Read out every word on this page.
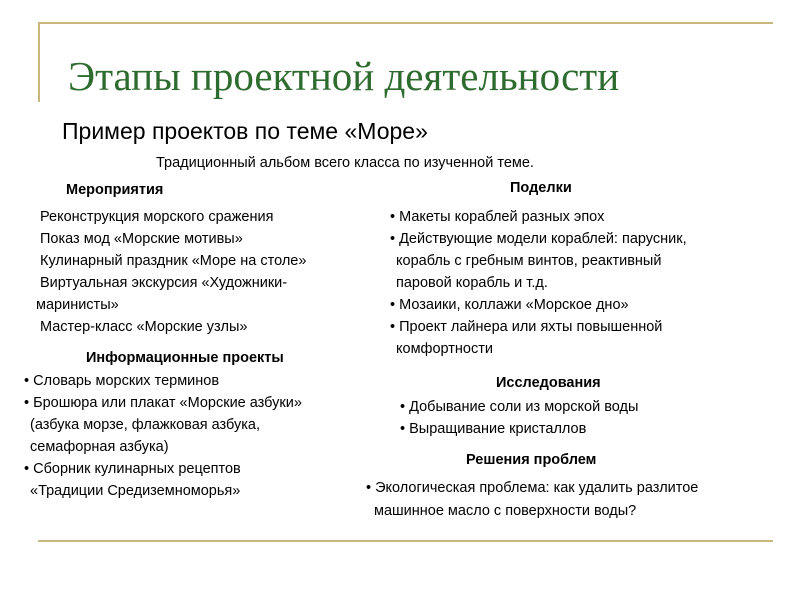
Этапы проектной деятельности
Пример проектов по теме «Море»
Традиционный альбом всего класса по изученной теме.
Мероприятия
Реконструкция морского сражения
Показ мод «Морские мотивы»
Кулинарный праздник «Море на столе»
Виртуальная экскурсия «Художники-
маринисты»
Мастер-класс «Морские узлы»
Поделки
• Макеты кораблей разных эпох
• Действующие модели кораблей: парусник,
корабль с гребным винтов, реактивный
паровой корабль и т.д.
• Мозаики, коллажи «Морское дно»
• Проект лайнера или яхты повышенной
комфортности
Информационные проекты
• Словарь морских терминов
• Брошюра или плакат «Морские азбуки»
(азбука морзе, флажковая азбука,
семафорная азбука)
• Сборник кулинарных рецептов
«Традиции Средиземноморья»
Исследования
• Добывание соли из морской воды
• Выращивание кристаллов
Решения проблем
• Экологическая проблема: как удалить разлитое
машинное масло с поверхности воды?
